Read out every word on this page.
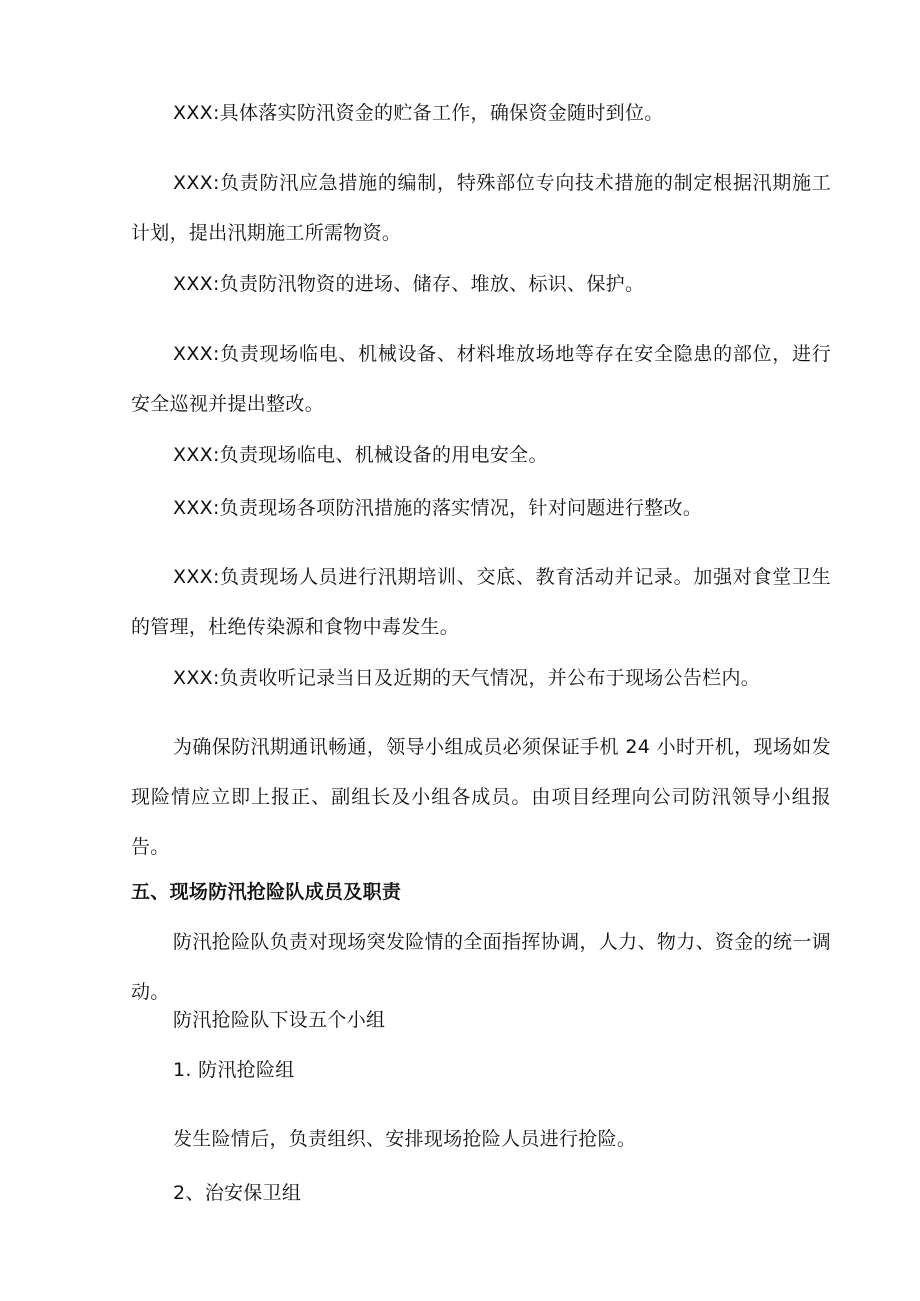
XXX:具体落实防汛资金的贮备工作，确保资金随时到位。

XXX:负责防汛应急措施的编制，特殊部位专向技术措施的制定根据汛期施工计划，提出汛期施工所需物资。

XXX:负责防汛物资的进场、储存、堆放、标识、保护。

XXX:负责现场临电、机械设备、材料堆放场地等存在安全隐患的部位，进行安全巡视并提出整改。

XXX:负责现场临电、机械设备的用电安全。

XXX:负责现场各项防汛措施的落实情况，针对问题进行整改。

XXX:负责现场人员进行汛期培训、交底、教育活动并记录。加强对食堂卫生的管理，杜绝传染源和食物中毒发生。

XXX:负责收听记录当日及近期的天气情况，并公布于现场公告栏内。

为确保防汛期通讯畅通，领导小组成员必须保证手机 24 小时开机，现场如发现险情应立即上报正、副组长及小组各成员。由项目经理向公司防汛领导小组报告。

五、现场防汛抢险队成员及职责

防汛抢险队负责对现场突发险情的全面指挥协调，人力、物力、资金的统一调动。

防汛抢险队下设五个小组

1. 防汛抢险组

发生险情后，负责组织、安排现场抢险人员进行抢险。

2、治安保卫组
